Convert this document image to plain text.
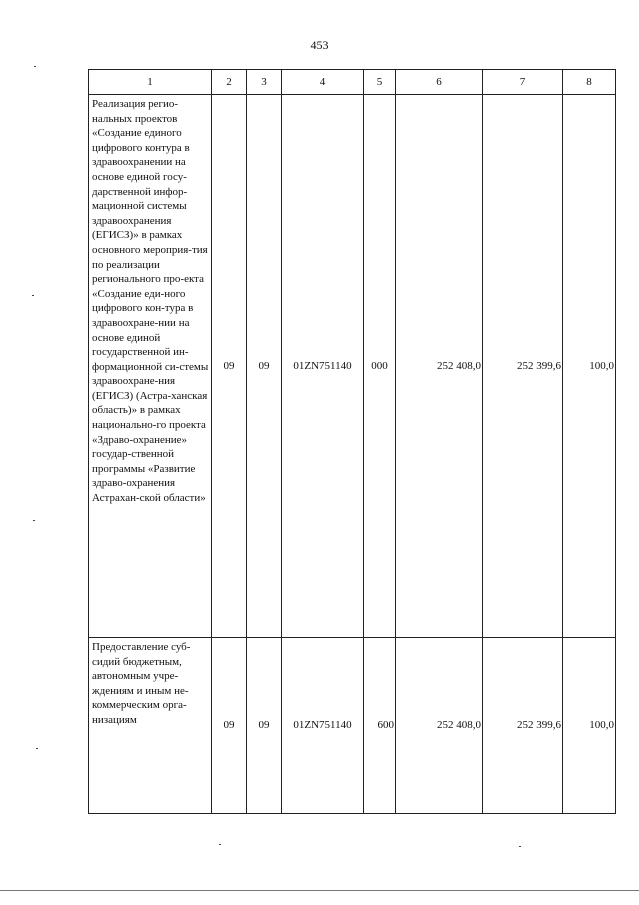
453
1	2	3	4	5	6	7	8
Реализация регио-нальных проектов «Создание единого цифрового контура в здравоохранении на основе единой госу-дарственной инфор-мационной системы здравоохранения (ЕГИСЗ)» в рамках основного мероприя-тия по реализации регионального про-екта «Создание еди-ного цифрового кон-тура в здравоохране-нии на основе единой государственной ин-формационной си-стемы здравоохране-ния (ЕГИСЗ) (Астра-ханская область)» в рамках национально-го проекта «Здраво-охранение» государ-ственной программы «Развитие здраво-охранения Астрахан-ской области»	09	09	01ZN751140	000	252 408,0	252 399,6	100,0
Предоставление суб-сидий бюджетным, автономным учре-ждениям и иным не-коммерческим орга-низациям	09	09	01ZN751140	600	252 408,0	252 399,6	100,0
